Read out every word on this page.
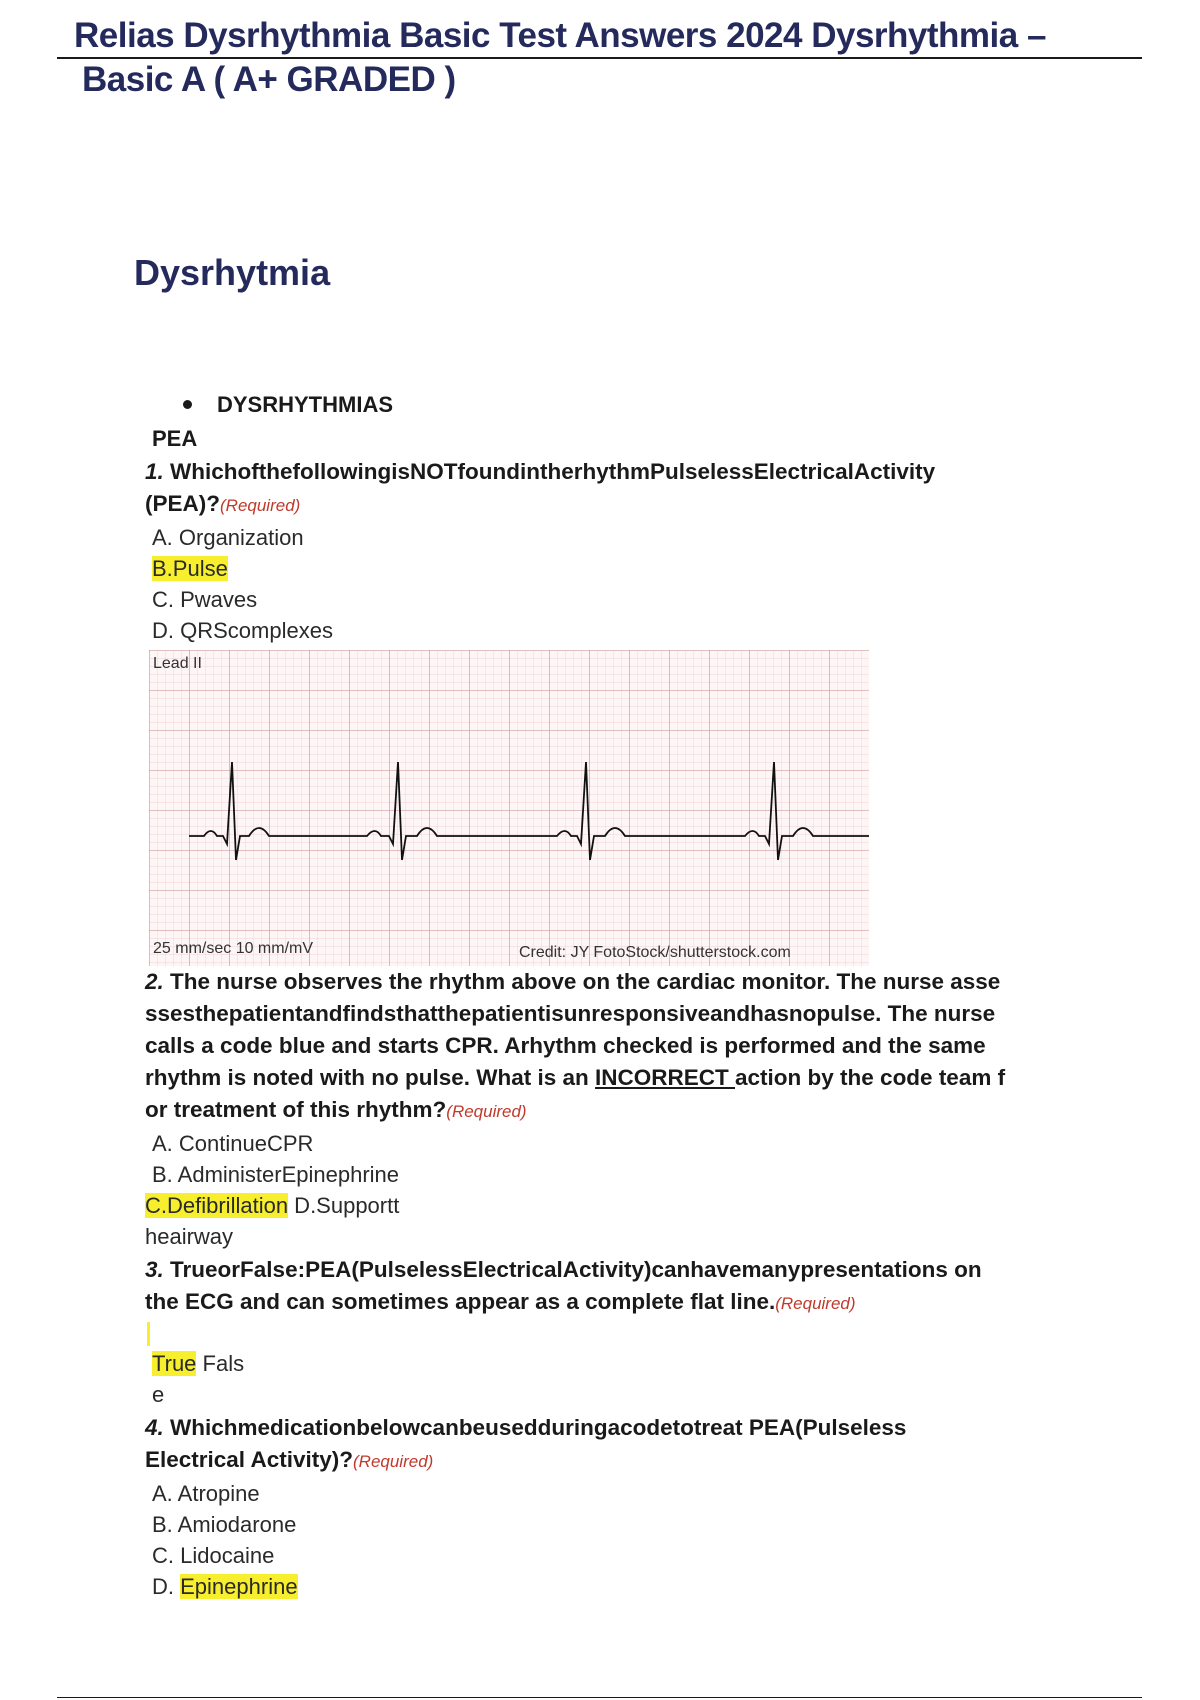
Relias Dysrhythmia Basic Test Answers 2024 Dysrhythmia –
Basic A ( A+ GRADED )
Dysrhytmia
DYSRHYTHMIAS
PEA
1. WhichofthefollowingisNOTfoundintherhythmPulselessElectricalActivity
(PEA)?(Required)
A. Organization
B.Pulse
C. Pwaves
D. QRScomplexes
Lead II
25 mm/sec 10 mm/mV	Credit: JY FotoStock/shutterstock.com
2. The nurse observes the rhythm above on the cardiac monitor. The nurse asse
ssesthepatientandfindsthatthepatientisunresponsiveandhasnopulse. The nurse
calls a code blue and starts CPR. Arhythm checked is performed and the same
rhythm is noted with no pulse. What is an INCORRECT action by the code team f
or treatment of this rhythm?(Required)
A. ContinueCPR
B. AdministerEpinephrine
C.Defibrillation D.Supportt
heairway
3. TrueorFalse:PEA(PulselessElectricalActivity)canhavemanypresentations on
the ECG and can sometimes appear as a complete flat line.(Required)
True Fals
e
4. Whichmedicationbelowcanbeusedduringacodetotreat PEA(Pulseless
Electrical Activity)?(Required)
A. Atropine
B. Amiodarone
C. Lidocaine
D. Epinephrine
